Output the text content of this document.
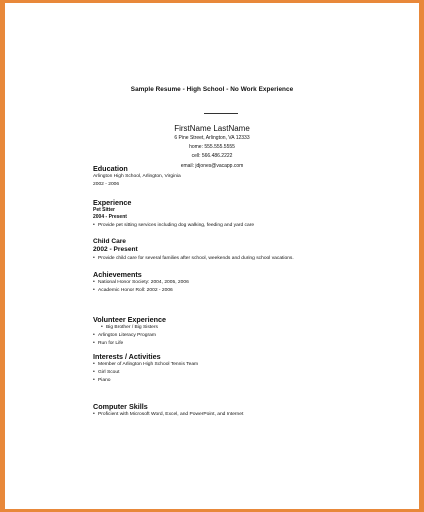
Sample Resume - High School - No Work Experience
FirstName LastName
6 Pine Street, Arlington, VA 12333
home: 555.555.5555
cell: 566.486.2222
email: jdjones@vacapp.com
Education
Arlington High School, Arlington, Virginia
2002 - 2006
Experience
Pet Sitter
2004 - Present
• Provide pet sitting services including dog walking, feeding and yard care
Child Care
2002 - Present
• Provide child care for several families after school, weekends and during school vacations.
Achievements
• National Honor Society: 2004, 2005, 2006
• Academic Honor Roll: 2002 - 2006
Volunteer Experience
• Big Brother / Big Sisters
• Arlington Literacy Program
• Run for Life
Interests / Activities
• Member of Arlington High School Tennis Team
• Girl Scout
• Piano
Computer Skills
• Proficient with Microsoft Word, Excel, and PowerPoint, and Internet
